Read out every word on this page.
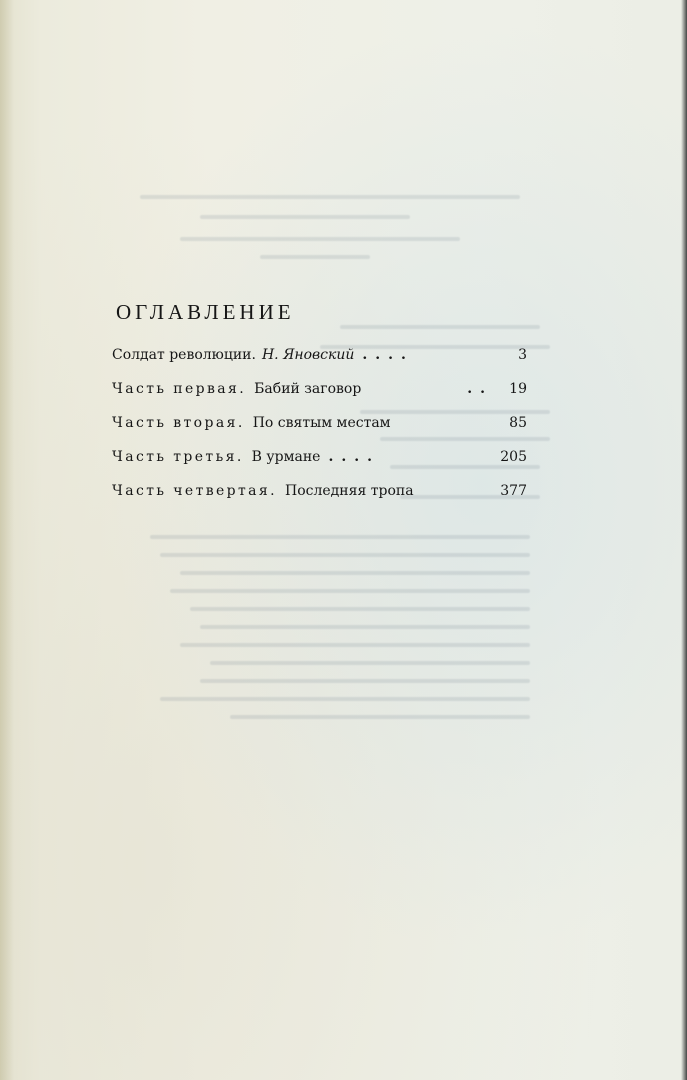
ОГЛАВЛЕНИЕ
Солдат революции. Н. Яновский ....	3
Часть первая. Бабий заговор	..	19
Часть вторая. По святым местам	85
Часть третья. В урмане ....	205
Часть четвертая. Последняя тропа	377
